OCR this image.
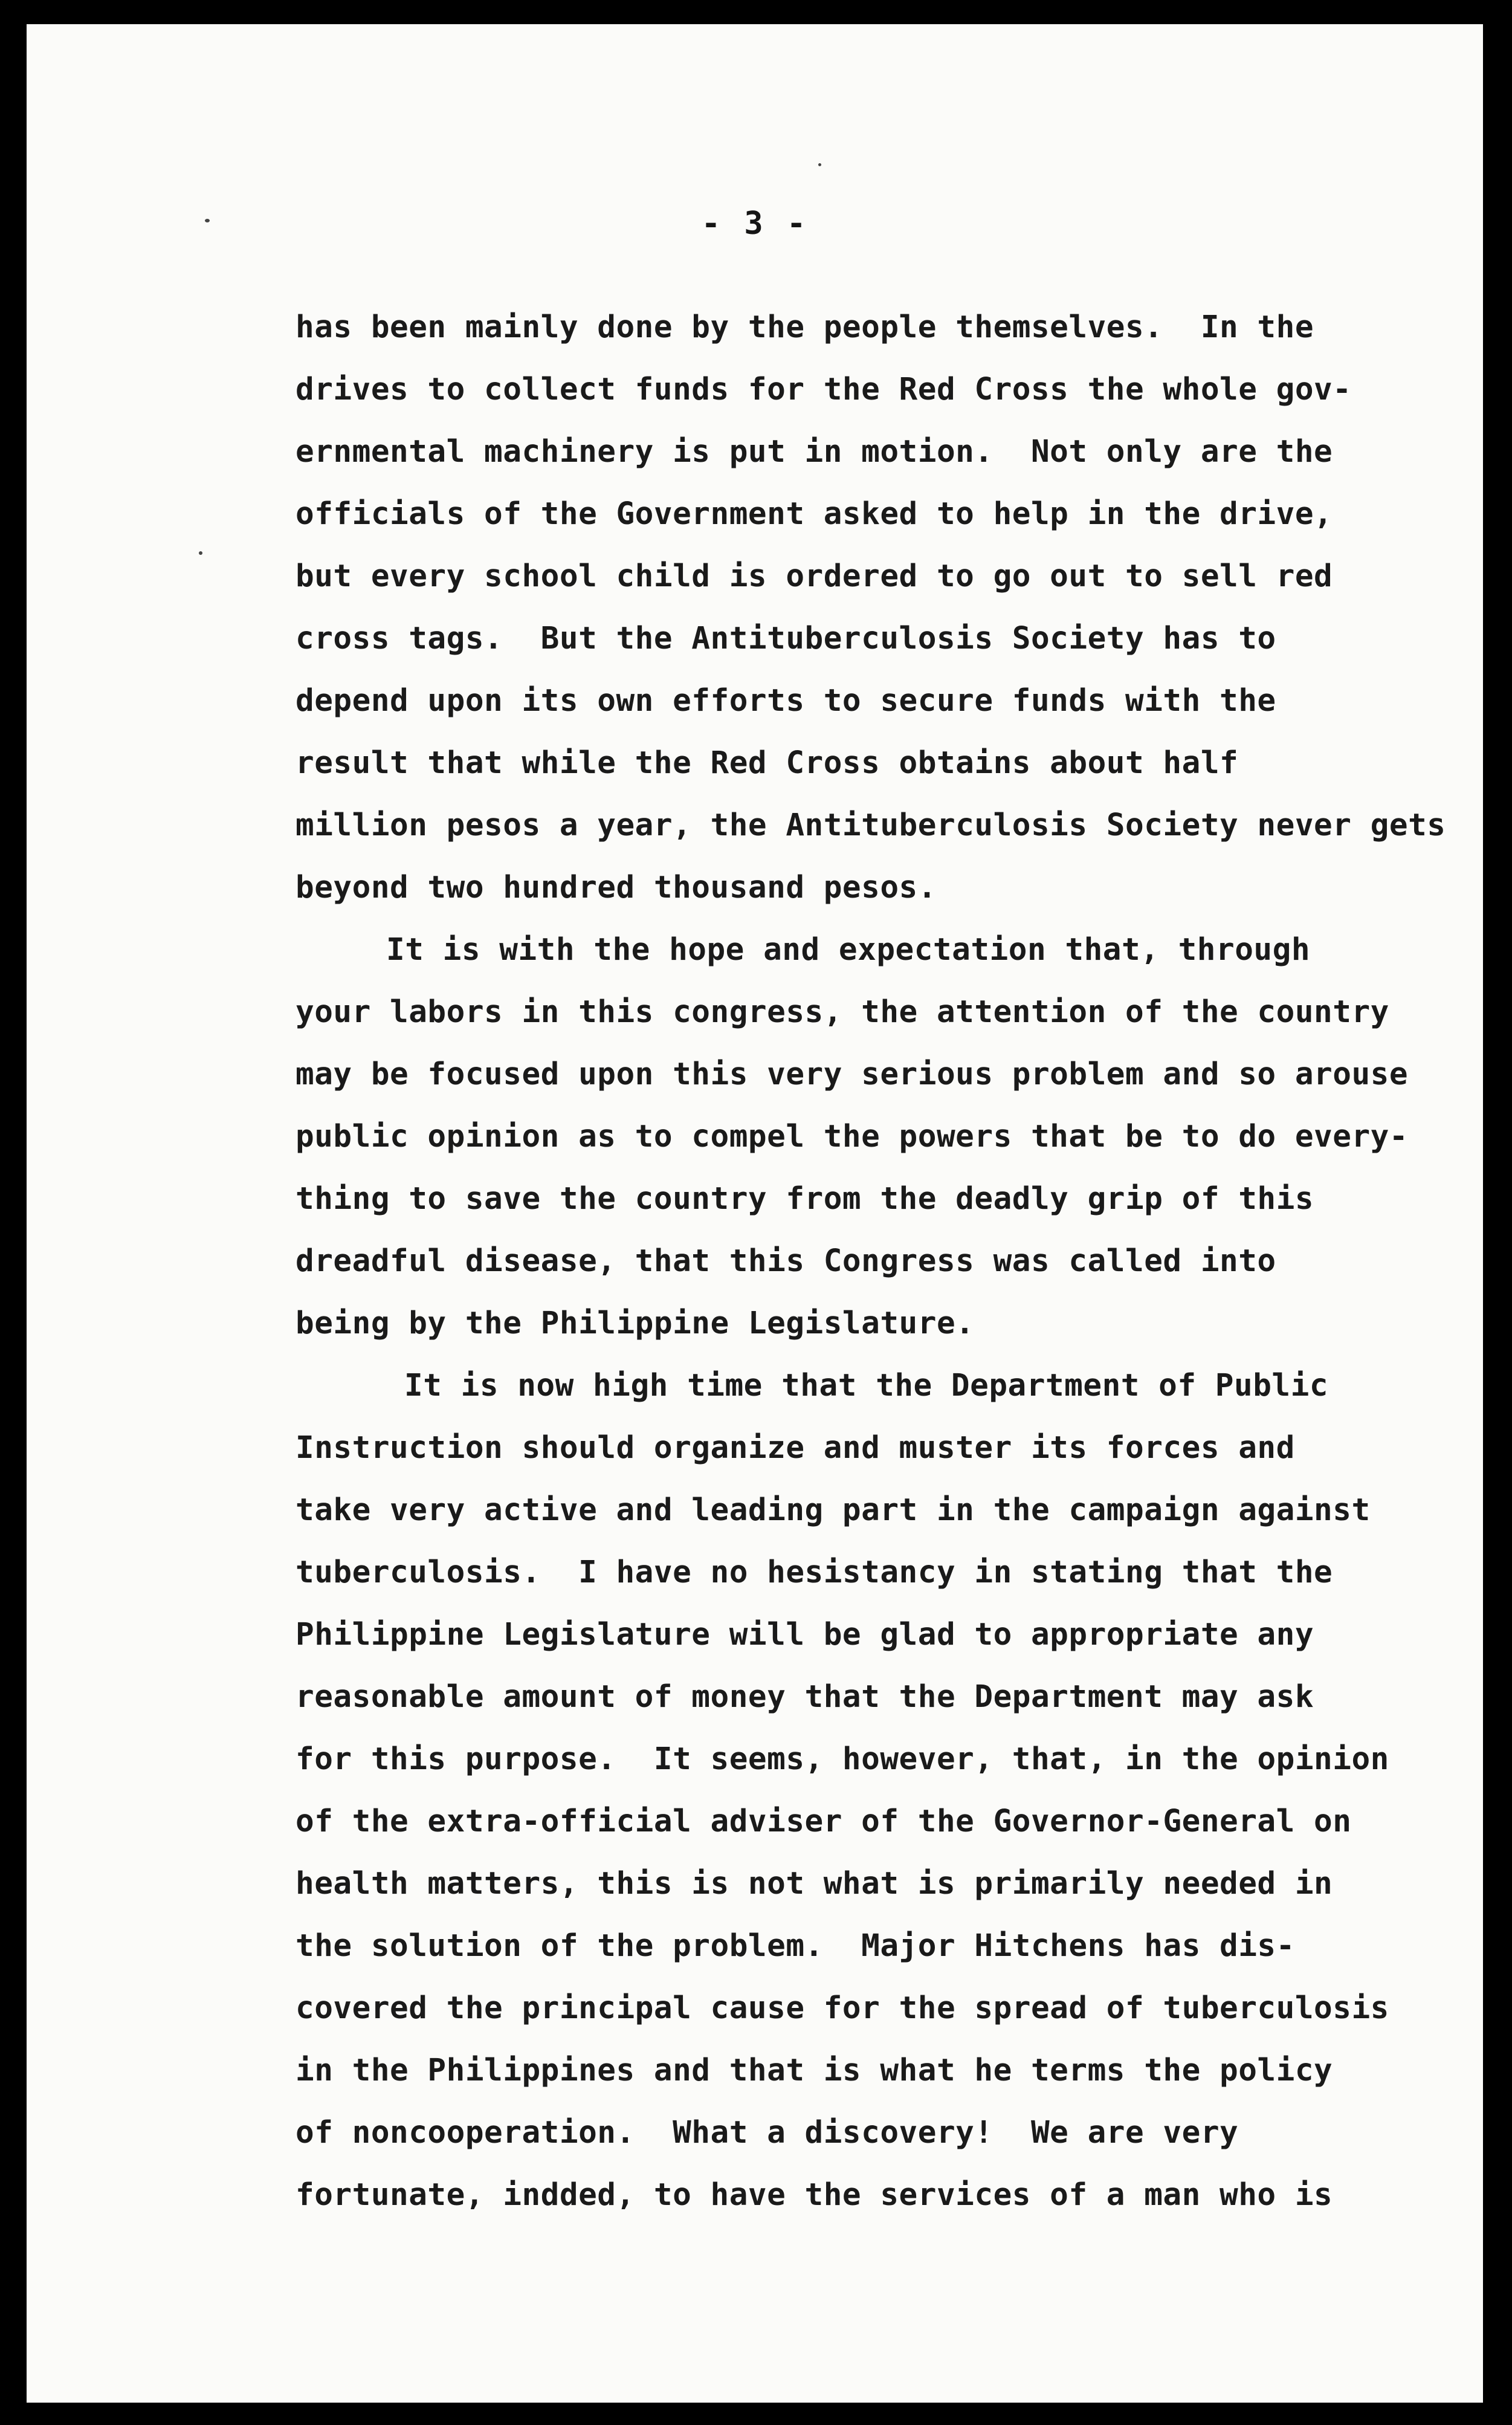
- 3 -
has been mainly done by the people themselves.  In the
drives to collect funds for the Red Cross the whole gov-
ernmental machinery is put in motion.  Not only are the
officials of the Government asked to help in the drive,
but every school child is ordered to go out to sell red
cross tags.  But the Antituberculosis Society has to
depend upon its own efforts to secure funds with the
result that while the Red Cross obtains about half
million pesos a year, the Antituberculosis Society never gets
beyond two hundred thousand pesos.
It is with the hope and expectation that, through
your labors in this congress, the attention of the country
may be focused upon this very serious problem and so arouse
public opinion as to compel the powers that be to do every-
thing to save the country from the deadly grip of this
dreadful disease, that this Congress was called into
being by the Philippine Legislature.
It is now high time that the Department of Public
Instruction should organize and muster its forces and
take very active and leading part in the campaign against
tuberculosis.  I have no hesistancy in stating that the
Philippine Legislature will be glad to appropriate any
reasonable amount of money that the Department may ask
for this purpose.  It seems, however, that, in the opinion
of the extra-official adviser of the Governor-General on
health matters, this is not what is primarily needed in
the solution of the problem.  Major Hitchens has dis-
covered the principal cause for the spread of tuberculosis
in the Philippines and that is what he terms the policy
of noncooperation.  What a discovery!  We are very
fortunate, indded, to have the services of a man who is
